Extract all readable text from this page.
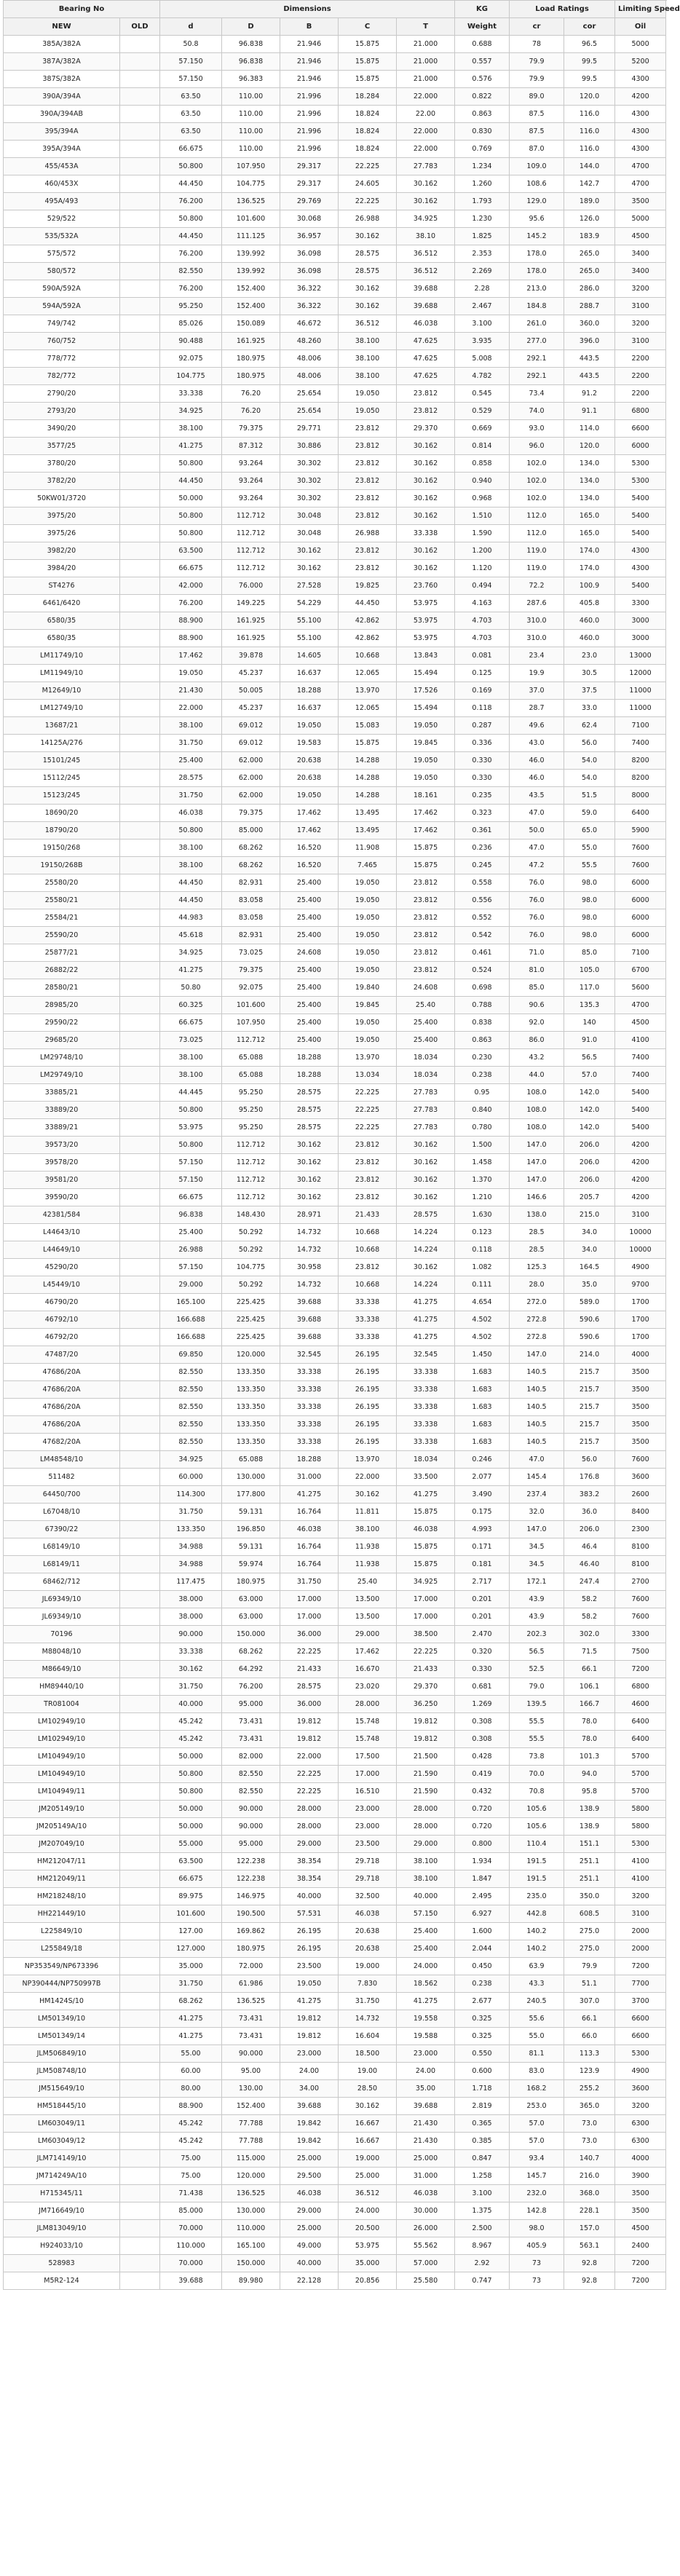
Bearing No		Dimensions					KG	Load Ratings		Limiting Speed	
NEW	OLD	d	D	B	C	T	Weight	cr	cor	Oil	
385A/382A		50.8	96.838	21.946	15.875	21.000	0.688	78	96.5	5000	
387A/382A		57.150	96.838	21.946	15.875	21.000	0.557	79.9	99.5	5200	
387S/382A		57.150	96.383	21.946	15.875	21.000	0.576	79.9	99.5	4300	
390A/394A		63.50	110.00	21.996	18.284	22.000	0.822	89.0	120.0	4200	
390A/394AB		63.50	110.00	21.996	18.824	22.00	0.863	87.5	116.0	4300	
395/394A		63.50	110.00	21.996	18.824	22.000	0.830	87.5	116.0	4300	
395A/394A		66.675	110.00	21.996	18.824	22.000	0.769	87.0	116.0	4300	
455/453A		50.800	107.950	29.317	22.225	27.783	1.234	109.0	144.0	4700	
460/453X		44.450	104.775	29.317	24.605	30.162	1.260	108.6	142.7	4700	
495A/493		76.200	136.525	29.769	22.225	30.162	1.793	129.0	189.0	3500	
529/522		50.800	101.600	30.068	26.988	34.925	1.230	95.6	126.0	5000	
535/532A		44.450	111.125	36.957	30.162	38.10	1.825	145.2	183.9	4500	
575/572		76.200	139.992	36.098	28.575	36.512	2.353	178.0	265.0	3400	
580/572		82.550	139.992	36.098	28.575	36.512	2.269	178.0	265.0	3400	
590A/592A		76.200	152.400	36.322	30.162	39.688	2.28	213.0	286.0	3200	
594A/592A		95.250	152.400	36.322	30.162	39.688	2.467	184.8	288.7	3100	
749/742		85.026	150.089	46.672	36.512	46.038	3.100	261.0	360.0	3200	
760/752		90.488	161.925	48.260	38.100	47.625	3.935	277.0	396.0	3100	
778/772		92.075	180.975	48.006	38.100	47.625	5.008	292.1	443.5	2200	
782/772		104.775	180.975	48.006	38.100	47.625	4.782	292.1	443.5	2200	
2790/20		33.338	76.20	25.654	19.050	23.812	0.545	73.4	91.2	2200	
2793/20		34.925	76.20	25.654	19.050	23.812	0.529	74.0	91.1	6800	
3490/20		38.100	79.375	29.771	23.812	29.370	0.669	93.0	114.0	6600	
3577/25		41.275	87.312	30.886	23.812	30.162	0.814	96.0	120.0	6000	
3780/20		50.800	93.264	30.302	23.812	30.162	0.858	102.0	134.0	5300	
3782/20		44.450	93.264	30.302	23.812	30.162	0.940	102.0	134.0	5300	
50KW01/3720		50.000	93.264	30.302	23.812	30.162	0.968	102.0	134.0	5400	
3975/20		50.800	112.712	30.048	23.812	30.162	1.510	112.0	165.0	5400	
3975/26		50.800	112.712	30.048	26.988	33.338	1.590	112.0	165.0	5400	
3982/20		63.500	112.712	30.162	23.812	30.162	1.200	119.0	174.0	4300	
3984/20		66.675	112.712	30.162	23.812	30.162	1.120	119.0	174.0	4300	
ST4276		42.000	76.000	27.528	19.825	23.760	0.494	72.2	100.9	5400	
6461/6420		76.200	149.225	54.229	44.450	53.975	4.163	287.6	405.8	3300	
6580/35		88.900	161.925	55.100	42.862	53.975	4.703	310.0	460.0	3000	
6580/35		88.900	161.925	55.100	42.862	53.975	4.703	310.0	460.0	3000	
LM11749/10		17.462	39.878	14.605	10.668	13.843	0.081	23.4	23.0	13000	
LM11949/10		19.050	45.237	16.637	12.065	15.494	0.125	19.9	30.5	12000	
M12649/10		21.430	50.005	18.288	13.970	17.526	0.169	37.0	37.5	11000	
LM12749/10		22.000	45.237	16.637	12.065	15.494	0.118	28.7	33.0	11000	
13687/21		38.100	69.012	19.050	15.083	19.050	0.287	49.6	62.4	7100	
14125A/276		31.750	69.012	19.583	15.875	19.845	0.336	43.0	56.0	7400	
15101/245		25.400	62.000	20.638	14.288	19.050	0.330	46.0	54.0	8200	
15112/245		28.575	62.000	20.638	14.288	19.050	0.330	46.0	54.0	8200	
15123/245		31.750	62.000	19.050	14.288	18.161	0.235	43.5	51.5	8000	
18690/20		46.038	79.375	17.462	13.495	17.462	0.323	47.0	59.0	6400	
18790/20		50.800	85.000	17.462	13.495	17.462	0.361	50.0	65.0	5900	
19150/268		38.100	68.262	16.520	11.908	15.875	0.236	47.0	55.0	7600	
19150/268B		38.100	68.262	16.520	7.465	15.875	0.245	47.2	55.5	7600	
25580/20		44.450	82.931	25.400	19.050	23.812	0.558	76.0	98.0	6000	
25580/21		44.450	83.058	25.400	19.050	23.812	0.556	76.0	98.0	6000	
25584/21		44.983	83.058	25.400	19.050	23.812	0.552	76.0	98.0	6000	
25590/20		45.618	82.931	25.400	19.050	23.812	0.542	76.0	98.0	6000	
25877/21		34.925	73.025	24.608	19.050	23.812	0.461	71.0	85.0	7100	
26882/22		41.275	79.375	25.400	19.050	23.812	0.524	81.0	105.0	6700	
28580/21		50.80	92.075	25.400	19.840	24.608	0.698	85.0	117.0	5600	
28985/20		60.325	101.600	25.400	19.845	25.40	0.788	90.6	135.3	4700	
29590/22		66.675	107.950	25.400	19.050	25.400	0.838	92.0	140	4500	
29685/20		73.025	112.712	25.400	19.050	25.400	0.863	86.0	91.0	4100	
LM29748/10		38.100	65.088	18.288	13.970	18.034	0.230	43.2	56.5	7400	
LM29749/10		38.100	65.088	18.288	13.034	18.034	0.238	44.0	57.0	7400	
33885/21		44.445	95.250	28.575	22.225	27.783	0.95	108.0	142.0	5400	
33889/20		50.800	95.250	28.575	22.225	27.783	0.840	108.0	142.0	5400	
33889/21		53.975	95.250	28.575	22.225	27.783	0.780	108.0	142.0	5400	
39573/20		50.800	112.712	30.162	23.812	30.162	1.500	147.0	206.0	4200	
39578/20		57.150	112.712	30.162	23.812	30.162	1.458	147.0	206.0	4200	
39581/20		57.150	112.712	30.162	23.812	30.162	1.370	147.0	206.0	4200	
39590/20		66.675	112.712	30.162	23.812	30.162	1.210	146.6	205.7	4200	
42381/584		96.838	148.430	28.971	21.433	28.575	1.630	138.0	215.0	3100	
L44643/10		25.400	50.292	14.732	10.668	14.224	0.123	28.5	34.0	10000	
L44649/10		26.988	50.292	14.732	10.668	14.224	0.118	28.5	34.0	10000	
45290/20		57.150	104.775	30.958	23.812	30.162	1.082	125.3	164.5	4900	
L45449/10		29.000	50.292	14.732	10.668	14.224	0.111	28.0	35.0	9700	
46790/20		165.100	225.425	39.688	33.338	41.275	4.654	272.0	589.0	1700	
46792/10		166.688	225.425	39.688	33.338	41.275	4.502	272.8	590.6	1700	
46792/20		166.688	225.425	39.688	33.338	41.275	4.502	272.8	590.6	1700	
47487/20		69.850	120.000	32.545	26.195	32.545	1.450	147.0	214.0	4000	
47686/20A		82.550	133.350	33.338	26.195	33.338	1.683	140.5	215.7	3500	
47686/20A		82.550	133.350	33.338	26.195	33.338	1.683	140.5	215.7	3500	
47686/20A		82.550	133.350	33.338	26.195	33.338	1.683	140.5	215.7	3500	
47686/20A		82.550	133.350	33.338	26.195	33.338	1.683	140.5	215.7	3500	
47682/20A		82.550	133.350	33.338	26.195	33.338	1.683	140.5	215.7	3500	
LM48548/10		34.925	65.088	18.288	13.970	18.034	0.246	47.0	56.0	7600	
511482		60.000	130.000	31.000	22.000	33.500	2.077	145.4	176.8	3600	
64450/700		114.300	177.800	41.275	30.162	41.275	3.490	237.4	383.2	2600	
L67048/10		31.750	59.131	16.764	11.811	15.875	0.175	32.0	36.0	8400	
67390/22		133.350	196.850	46.038	38.100	46.038	4.993	147.0	206.0	2300	
L68149/10		34.988	59.131	16.764	11.938	15.875	0.171	34.5	46.4	8100	
L68149/11		34.988	59.974	16.764	11.938	15.875	0.181	34.5	46.40	8100	
68462/712		117.475	180.975	31.750	25.40	34.925	2.717	172.1	247.4	2700	
JL69349/10		38.000	63.000	17.000	13.500	17.000	0.201	43.9	58.2	7600	
JL69349/10		38.000	63.000	17.000	13.500	17.000	0.201	43.9	58.2	7600	
70196		90.000	150.000	36.000	29.000	38.500	2.470	202.3	302.0	3300	
M88048/10		33.338	68.262	22.225	17.462	22.225	0.320	56.5	71.5	7500	
M86649/10		30.162	64.292	21.433	16.670	21.433	0.330	52.5	66.1	7200	
HM89440/10		31.750	76.200	28.575	23.020	29.370	0.681	79.0	106.1	6800	
TR081004		40.000	95.000	36.000	28.000	36.250	1.269	139.5	166.7	4600	
LM102949/10		45.242	73.431	19.812	15.748	19.812	0.308	55.5	78.0	6400	
LM102949/10		45.242	73.431	19.812	15.748	19.812	0.308	55.5	78.0	6400	
LM104949/10		50.000	82.000	22.000	17.500	21.500	0.428	73.8	101.3	5700	
LM104949/10		50.800	82.550	22.225	17.000	21.590	0.419	70.0	94.0	5700	
LM104949/11		50.800	82.550	22.225	16.510	21.590	0.432	70.8	95.8	5700	
JM205149/10		50.000	90.000	28.000	23.000	28.000	0.720	105.6	138.9	5800	
JM205149A/10		50.000	90.000	28.000	23.000	28.000	0.720	105.6	138.9	5800	
JM207049/10		55.000	95.000	29.000	23.500	29.000	0.800	110.4	151.1	5300	
HM212047/11		63.500	122.238	38.354	29.718	38.100	1.934	191.5	251.1	4100	
HM212049/11		66.675	122.238	38.354	29.718	38.100	1.847	191.5	251.1	4100	
HM218248/10		89.975	146.975	40.000	32.500	40.000	2.495	235.0	350.0	3200	
HH221449/10		101.600	190.500	57.531	46.038	57.150	6.927	442.8	608.5	3100	
L225849/10		127.00	169.862	26.195	20.638	25.400	1.600	140.2	275.0	2000	
L255849/18		127.000	180.975	26.195	20.638	25.400	2.044	140.2	275.0	2000	
NP353549/NP673396		35.000	72.000	23.500	19.000	24.000	0.450	63.9	79.9	7200	
NP390444/NP750997B		31.750	61.986	19.050	7.830	18.562	0.238	43.3	51.1	7700	
HM1424S/10		68.262	136.525	41.275	31.750	41.275	2.677	240.5	307.0	3700	
LM501349/10		41.275	73.431	19.812	14.732	19.558	0.325	55.6	66.1	6600	
LM501349/14		41.275	73.431	19.812	16.604	19.588	0.325	55.0	66.0	6600	
JLM506849/10		55.00	90.000	23.000	18.500	23.000	0.550	81.1	113.3	5300	
JLM508748/10		60.00	95.00	24.00	19.00	24.00	0.600	83.0	123.9	4900	
JM515649/10		80.00	130.00	34.00	28.50	35.00	1.718	168.2	255.2	3600	
HM518445/10		88.900	152.400	39.688	30.162	39.688	2.819	253.0	365.0	3200	
LM603049/11		45.242	77.788	19.842	16.667	21.430	0.365	57.0	73.0	6300	
LM603049/12		45.242	77.788	19.842	16.667	21.430	0.385	57.0	73.0	6300	
JLM714149/10		75.00	115.000	25.000	19.000	25.000	0.847	93.4	140.7	4000	
JM714249A/10		75.00	120.000	29.500	25.000	31.000	1.258	145.7	216.0	3900	
H715345/11		71.438	136.525	46.038	36.512	46.038	3.100	232.0	368.0	3500	
JM716649/10		85.000	130.000	29.000	24.000	30.000	1.375	142.8	228.1	3500	
JLM813049/10		70.000	110.000	25.000	20.500	26.000	2.500	98.0	157.0	4500	
H924033/10		110.000	165.100	49.000	53.975	55.562	8.967	405.9	563.1	2400	
528983		70.000	150.000	40.000	35.000	57.000	2.92	73	92.8	7200	
M5R2-124		39.688	89.980	22.128	20.856	25.580	0.747	73	92.8	7200	
